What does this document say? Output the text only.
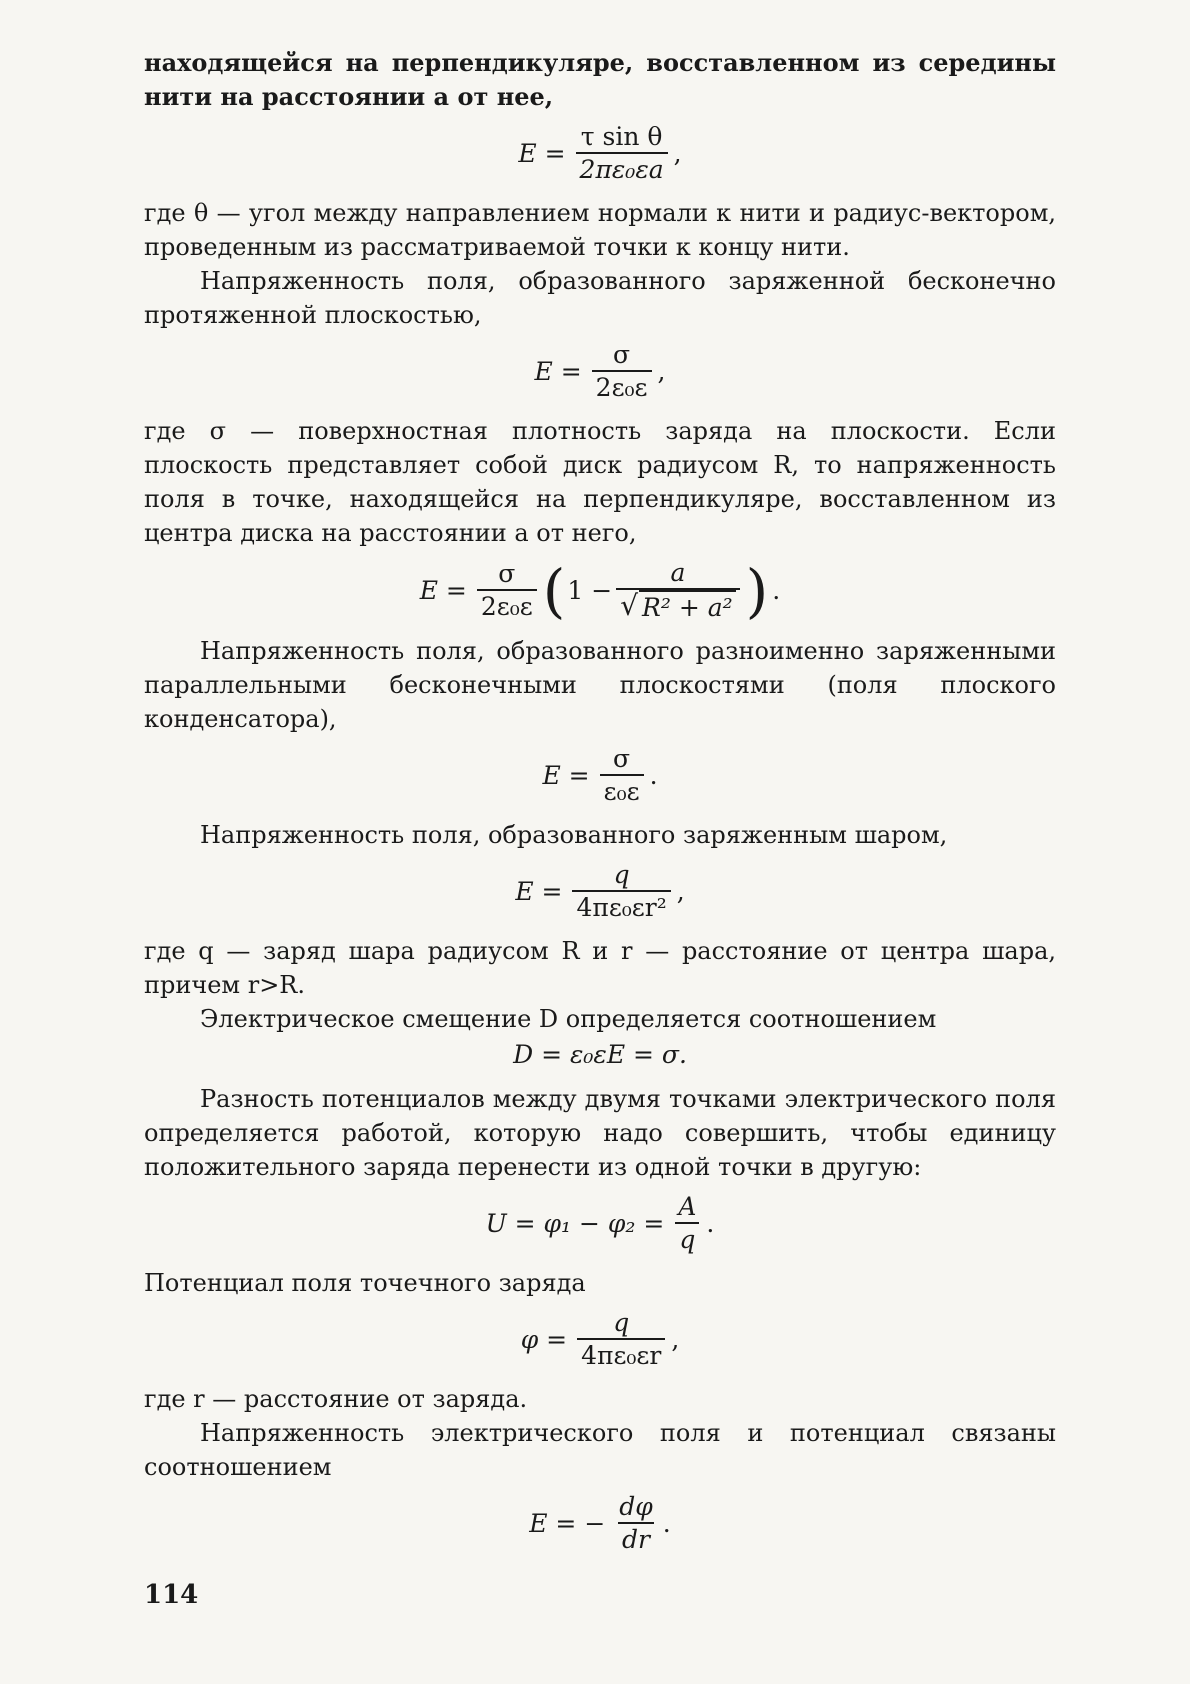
находящейся на перпендикуляре, восставленном из середины нити на расстоянии a от нее,

$E = \frac{\text{τ sin θ}}{\text{2πε₀εa}}$ ,

где θ — угол между направлением нормали к нити и радиус-вектором, проведенным из рассматриваемой точки к концу нити.

Напряженность поля, образованного заряженной бесконечно протяженной плоскостью,

$E = \frac{\sigma}{\text{2ε₀ε}}$ ,

где σ — поверхностная плотность заряда на плоскости. Если плоскость представляет собой диск радиусом R, то напряженность поля в точке, находящейся на перпендикуляре, восставленном из центра диска на расстоянии a от него,

$E = \frac{\sigma}{\text{2ε₀ε}}$ ( $1 - \frac{a}{\text{√ R² + a²}}$ ) .

Напряженность поля, образованного разноименно заряженными параллельными бесконечными плоскостями (поля плоского конденсатора),

$E = \frac{\sigma}{\text{ε₀ε}}$ .

Напряженность поля, образованного заряженным шаром,

$E = \frac{q}{\text{4πε₀εr²}}$ ,

где q — заряд шара радиусом R и r — расстояние от центра шара, причем r>R.

Электрическое смещение D определяется соотношением

D = ε₀εE = σ.

Разность потенциалов между двумя точками электрического поля определяется работой, которую надо совершить, чтобы единицу положительного заряда перенести из одной точки в другую:

$U = \varphi_1 - \varphi_2 = \frac{A}{q}$ .

Потенциал поля точечного заряда

$\varphi = \frac{q}{\text{4πε₀εr}}$ ,

где r — расстояние от заряда.

Напряженность электрического поля и потенциал связаны соотношением

E = − $\frac{d\varphi}{dr}$ .
114
